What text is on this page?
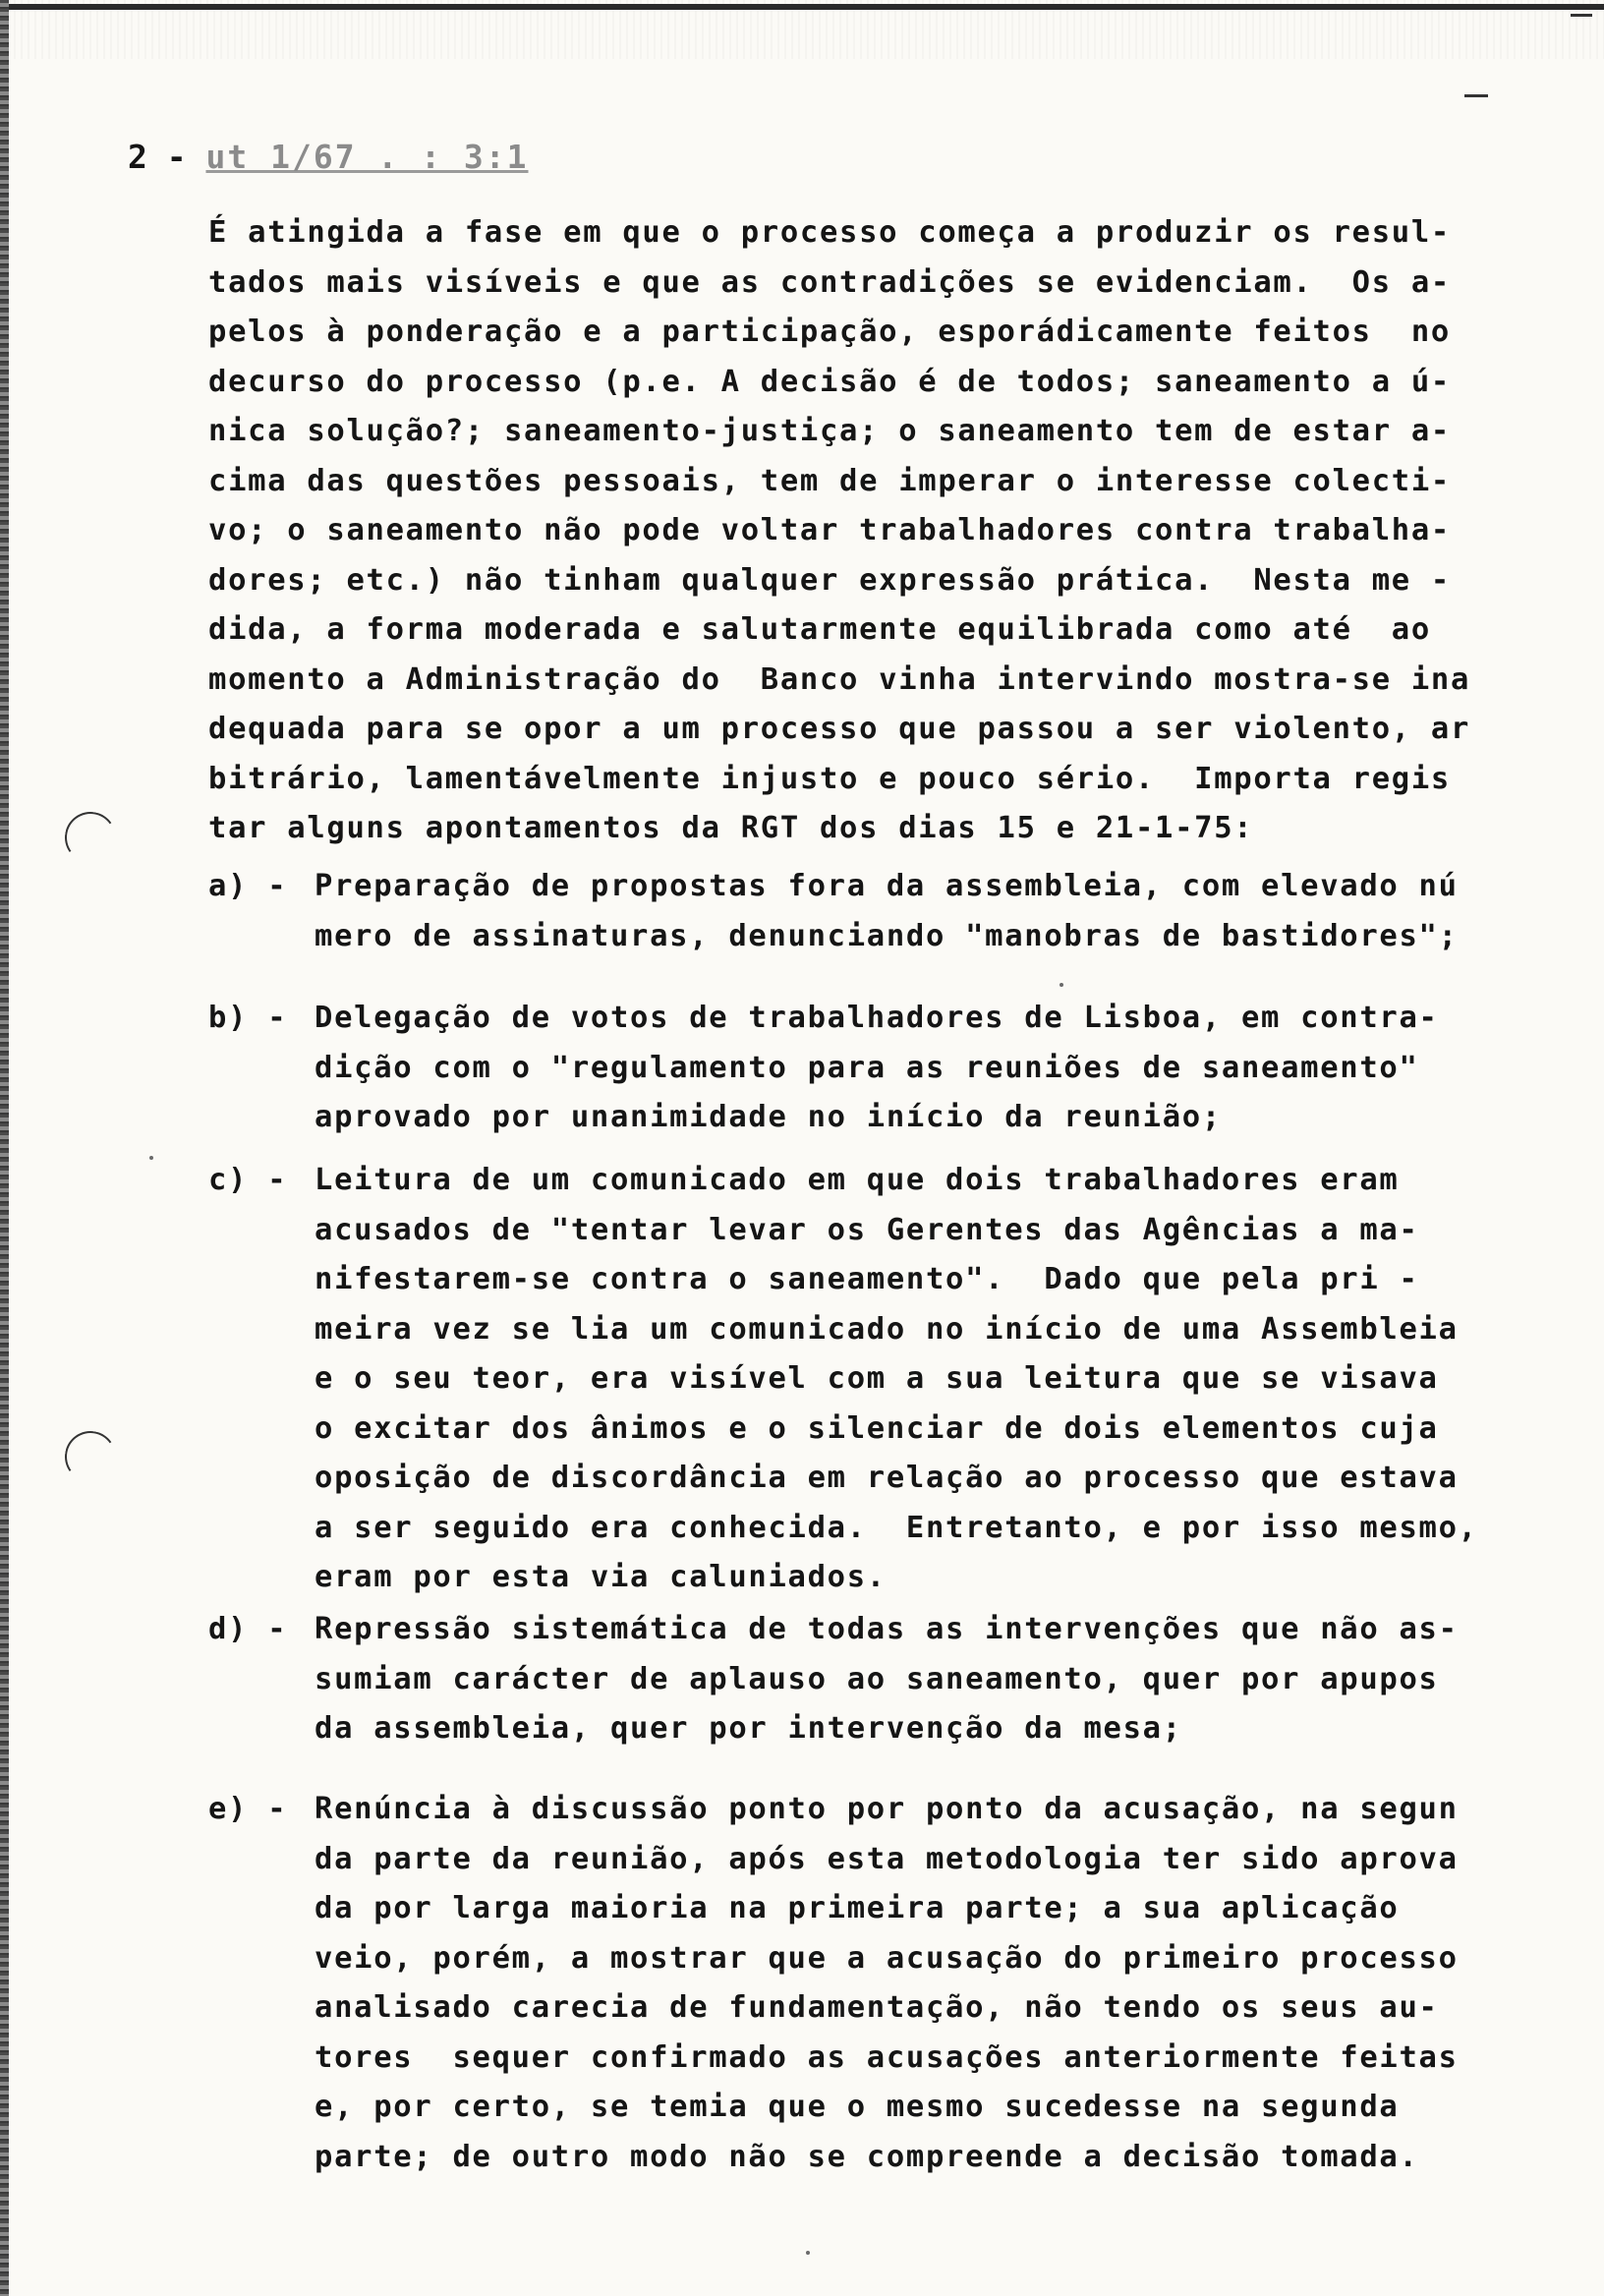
2 - ut 1/67 . : 3:1
É atingida a fase em que o processo começa a produzir os resul-
tados mais visíveis e que as contradições se evidenciam.  Os a-
pelos à ponderação e a participação, esporádicamente feitos  no
decurso do processo (p.e. A decisão é de todos; saneamento a ú-
nica solução?; saneamento-justiça; o saneamento tem de estar a-
cima das questões pessoais, tem de imperar o interesse colecti-
vo; o saneamento não pode voltar trabalhadores contra trabalha-
dores; etc.) não tinham qualquer expressão prática.  Nesta me -
dida, a forma moderada e salutarmente equilibrada como até  ao
momento a Administração do  Banco vinha intervindo mostra-se ina
dequada para se opor a um processo que passou a ser violento, ar
bitrário, lamentávelmente injusto e pouco sério.  Importa regis
tar alguns apontamentos da RGT dos dias 15 e 21-1-75:
a) - Preparação de propostas fora da assembleia, com elevado nú
mero de assinaturas, denunciando "manobras de bastidores";
b) - Delegação de votos de trabalhadores de Lisboa, em contra-
dição com o "regulamento para as reuniões de saneamento"
aprovado por unanimidade no início da reunião;
c) - Leitura de um comunicado em que dois trabalhadores eram
acusados de "tentar levar os Gerentes das Agências a ma-
nifestarem-se contra o saneamento".  Dado que pela pri -
meira vez se lia um comunicado no início de uma Assembleia
e o seu teor, era visível com a sua leitura que se visava
o excitar dos ânimos e o silenciar de dois elementos cuja
oposição de discordância em relação ao processo que estava
a ser seguido era conhecida.  Entretanto, e por isso mesmo,
eram por esta via caluniados.
d) - Repressão sistemática de todas as intervenções que não as-
sumiam carácter de aplauso ao saneamento, quer por apupos
da assembleia, quer por intervenção da mesa;
e) - Renúncia à discussão ponto por ponto da acusação, na segun
da parte da reunião, após esta metodologia ter sido aprova
da por larga maioria na primeira parte; a sua aplicação
veio, porém, a mostrar que a acusação do primeiro processo
analisado carecia de fundamentação, não tendo os seus au-
tores  sequer confirmado as acusações anteriormente feitas
e, por certo, se temia que o mesmo sucedesse na segunda
parte; de outro modo não se compreende a decisão tomada.
